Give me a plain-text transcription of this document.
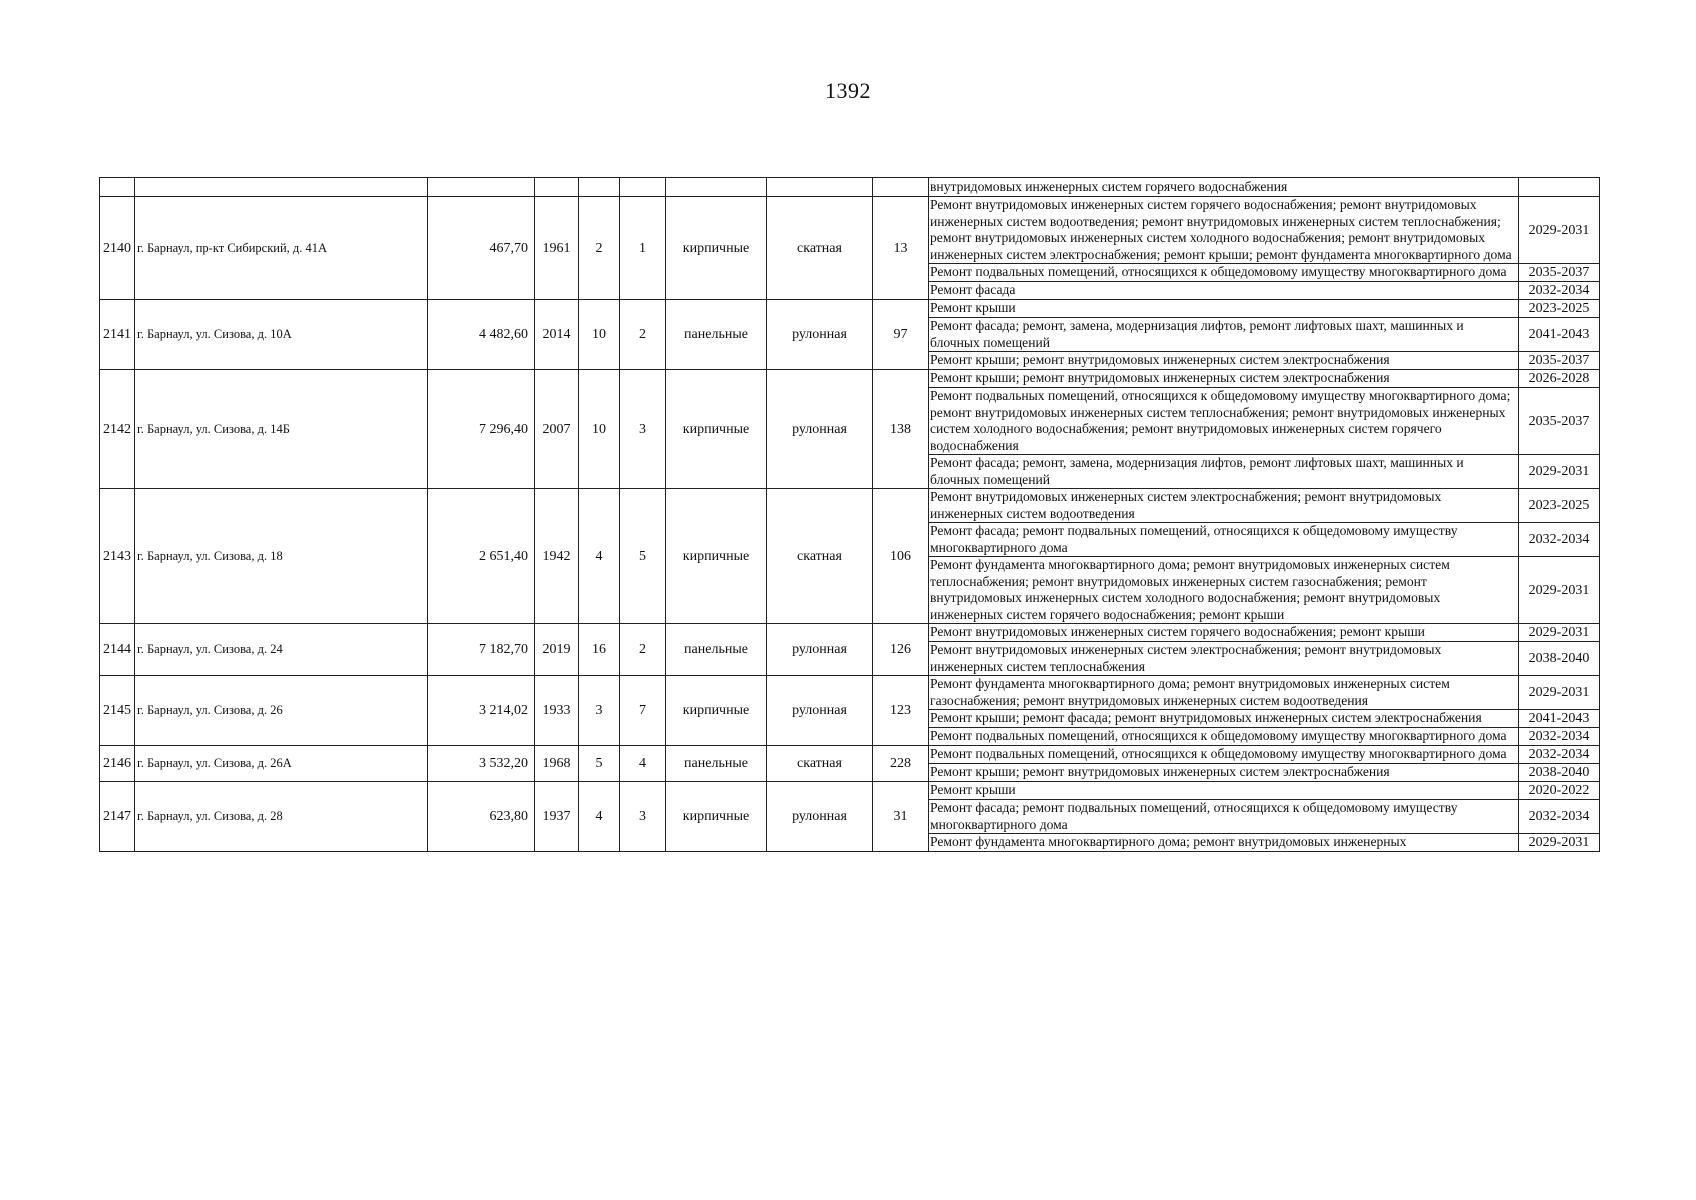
1392
									внутридомовых инженерных систем горячего водоснабжения	
2140	г. Барнаул, пр-кт Сибирский, д. 41А	467,70	1961	2	1	кирпичные	скатная	13	Ремонт внутридомовых инженерных систем горячего водоснабжения; ремонт внутридомовых инженерных систем водоотведения; ремонт внутридомовых инженерных систем теплоснабжения; ремонт внутридомовых инженерных систем холодного водоснабжения; ремонт внутридомовых инженерных систем электроснабжения; ремонт крыши; ремонт фундамента многоквартирного дома	2029-2031
									Ремонт подвальных помещений, относящихся к общедомовому имуществу многоквартирного дома	2035-2037
									Ремонт фасада	2032-2034
2141	г. Барнаул, ул. Сизова, д. 10А	4 482,60	2014	10	2	панельные	рулонная	97	Ремонт крыши	2023-2025
									Ремонт фасада; ремонт, замена, модернизация лифтов, ремонт лифтовых шахт, машинных и блочных помещений	2041-2043
									Ремонт крыши; ремонт внутридомовых инженерных систем электроснабжения	2035-2037
2142	г. Барнаул, ул. Сизова, д. 14Б	7 296,40	2007	10	3	кирпичные	рулонная	138	Ремонт крыши; ремонт внутридомовых инженерных систем электроснабжения	2026-2028
									Ремонт подвальных помещений, относящихся к общедомовому имуществу многоквартирного дома; ремонт внутридомовых инженерных систем теплоснабжения; ремонт внутридомовых инженерных систем холодного водоснабжения; ремонт внутридомовых инженерных систем горячего водоснабжения	2035-2037
									Ремонт фасада; ремонт, замена, модернизация лифтов, ремонт лифтовых шахт, машинных и блочных помещений	2029-2031
2143	г. Барнаул, ул. Сизова, д. 18	2 651,40	1942	4	5	кирпичные	скатная	106	Ремонт внутридомовых инженерных систем электроснабжения; ремонт внутридомовых инженерных систем водоотведения	2023-2025
									Ремонт фасада; ремонт подвальных помещений, относящихся к общедомовому имуществу многоквартирного дома	2032-2034
									Ремонт фундамента многоквартирного дома; ремонт внутридомовых инженерных систем теплоснабжения; ремонт внутридомовых инженерных систем газоснабжения; ремонт внутридомовых инженерных систем холодного водоснабжения; ремонт внутридомовых инженерных систем горячего водоснабжения; ремонт крыши	2029-2031
2144	г. Барнаул, ул. Сизова, д. 24	7 182,70	2019	16	2	панельные	рулонная	126	Ремонт внутридомовых инженерных систем горячего водоснабжения; ремонт крыши	2029-2031
									Ремонт внутридомовых инженерных систем электроснабжения; ремонт внутридомовых инженерных систем теплоснабжения	2038-2040
2145	г. Барнаул, ул. Сизова, д. 26	3 214,02	1933	3	7	кирпичные	рулонная	123	Ремонт фундамента многоквартирного дома; ремонт внутридомовых инженерных систем газоснабжения; ремонт внутридомовых инженерных систем водоотведения	2029-2031
									Ремонт крыши; ремонт фасада; ремонт внутридомовых инженерных систем электроснабжения	2041-2043
									Ремонт подвальных помещений, относящихся к общедомовому имуществу многоквартирного дома	2032-2034
2146	г. Барнаул, ул. Сизова, д. 26А	3 532,20	1968	5	4	панельные	скатная	228	Ремонт подвальных помещений, относящихся к общедомовому имуществу многоквартирного дома	2032-2034
									Ремонт крыши; ремонт внутридомовых инженерных систем электроснабжения	2038-2040
2147	г. Барнаул, ул. Сизова, д. 28	623,80	1937	4	3	кирпичные	рулонная	31	Ремонт крыши	2020-2022
									Ремонт фасада; ремонт подвальных помещений, относящихся к общедомовому имуществу многоквартирного дома	2032-2034
									Ремонт фундамента многоквартирного дома; ремонт внутридомовых инженерных	2029-2031
